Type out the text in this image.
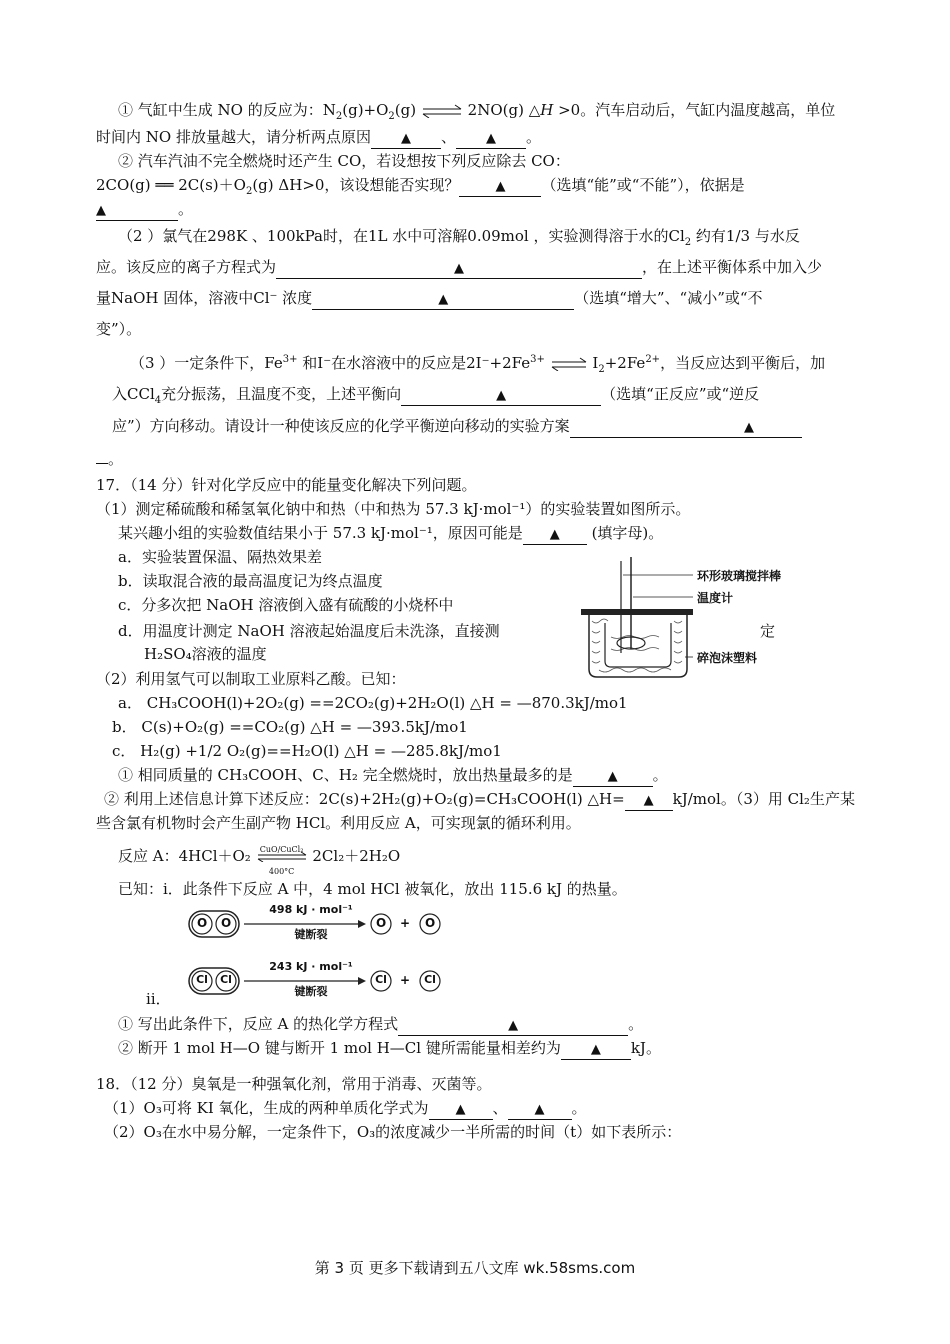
① 气缸中生成 NO 的反应为：$N_2(g)+O_2(g)$ ⇌ 2NO(g) △H >0。汽车启动后，气缸内温度越高，单位
时间内 NO 排放量越大，请分析两点原因 ▲ 、 ▲ 。
② 汽车汽油不完全燃烧时还产生 CO，若设想按下列反应除去 CO：
2CO(g) ══ $2C(s)+O_2(g)$ ΔH>0，该设想能否实现？	▲ （选填“能”或“不能”），依据是
▲	。
（2 ）氯气在298K 、100kPa时，在1L 水中可溶解0.09mol ，实验测得溶于水的$Cl_2$ 约有1/3 与水反
应。该反应的离子方程式为	▲	，在上述平衡体系中加入少
量NaOH 固体，溶液中Cl⁻ 浓度	▲	（选填“增大”、“减小”或“不
变”）。
（3 ）一定条件下，$Fe^{3+}$ 和I⁻在水溶液中的反应是$2I^-+2Fe^{3+}$ ⇌ $I_2+2Fe^{2+}$，当反应达到平衡后，加
入CCl$_4$充分振荡，且温度不变，上述平衡向	▲	（选填“正反应”或“逆反
应”）方向移动。请设计一种使该反应的化学平衡逆向移动的实验方案	▲
。
17．（14 分）针对化学反应中的能量变化解决下列问题。
（1）测定稀硫酸和稀氢氧化钠中和热（中和热为 57.3 kJ·mol⁻¹）的实验装置如图所示。
某兴趣小组的实验数值结果小于 57.3 kJ·mol⁻¹，原因可能是 ▲ (填字母)。
a．实验装置保温、隔热效果差
b．读取混合液的最高温度记为终点温度
c．分多次把 NaOH 溶液倒入盛有硫酸的小烧杯中
d．用温度计测定 NaOH 溶液起始温度后未洗涤，直接测	定
H₂SO₄溶液的温度
环形玻璃搅拌棒
温度计
碎泡沫塑料
（2）利用氢气可以制取工业原料乙酸。已知：
a． CH₃COOH(l)+2O₂(g) ==2CO₂(g)+2H₂O(l) △H = —870.3kJ/mo1
b． C(s)+O₂(g) ==CO₂(g) △H = —393.5kJ/mo1
c． H₂(g) +1/2 O₂(g)==H₂O(l) △H = —285.8kJ/mo1
① 相同质量的 CH₃COOH、C、H₂ 完全燃烧时，放出热量最多的是	▲ 。
② 利用上述信息计算下述反应：2C(s)+2H₂(g)+O₂(g)=CH₃COOH(l) △H= ▲ kJ/mol。（3）用 Cl₂生产某
些含氯有机物时会产生副产物 HCl。利用反应 A，可实现氯的循环利用。
反应 A：4HCl＋O₂	CuO/CuCl₂
400°C
2Cl₂＋2H₂O
已知：ⅰ．此条件下反应 A 中，4 mol HCl 被氧化，放出 115.6 kJ 的热量。
O O
498 kJ · mol⁻¹
键断裂
O + O
Cl	Cl
243 kJ · mol⁻¹
键断裂
Cl	+	Cl
ⅱ．
① 写出此条件下，反应 A 的热化学方程式	▲	。
② 断开 1 mol H—O 键与断开 1 mol H—Cl 键所需能量相差约为 ▲ kJ。
18．（12 分）臭氧是一种强氧化剂，常用于消毒、灭菌等。
（1）O₃可将 KI 氧化，生成的两种单质化学式为 ▲ 、 ▲ 。
（2）O₃在水中易分解，一定条件下，O₃的浓度减少一半所需的时间（t）如下表所示：
第 3 页 更多下载请到五八文库 wk.58sms.com
